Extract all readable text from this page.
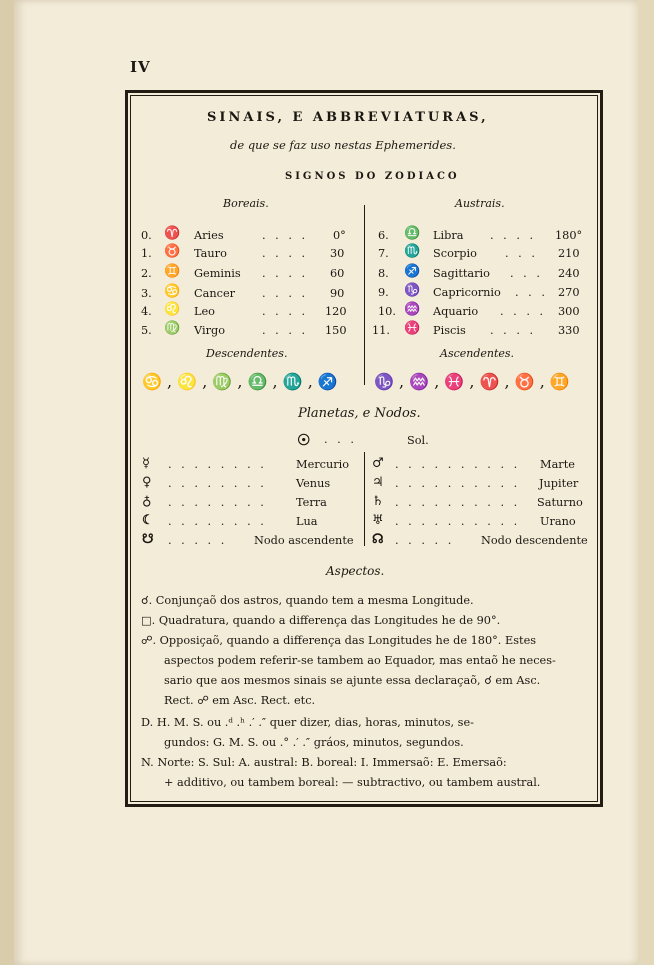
IV
SINAIS, E ABBREVIATURAS,
de que se faz uso nestas Ephemerides.
SIGNOS DO ZODIACO
Boreais.	Austrais.
0. ♈ Aries	. . . . 0°
1. ♉ Tauro	. . . . 30
2. ♊ Geminis . . . . 60
3. ♋ Cancer . . . . 90
4. ♌ Leo	. . . . 120
5. ♍ Virgo	. . . . 150
6. ♎ Libra . . . . 180°
7. ♏ Scorpio . . . 210
8. ♐ Sagittario . . . 240
9. ♑ Capricornio . . . 270
10. ♒ Aquario . . . . 300
11. ♓ Piscis . . . . 330
Descendentes.	Ascendentes.
♋ , ♌ , ♍ , ♎ , ♏ , ♐ ♑ , ♒ , ♓ , ♈ , ♉ , ♊
Planetas, e Nodos.
☉ . . .	Sol.
☿ . . . . . . . .	Mercurio
♀ . . . . . . . .	Venus
♁ . . . . . . . .	Terra
☾ . . . . . . . .	Lua
☋ . . . . . Nodo ascendente
♂ . . . . . . . . . . Marte
♃ . . . . . . . . . . Jupiter
♄ . . . . . . . . . . Saturno
♅ . . . . . . . . . . Urano
☊ . . . . . Nodo descendente
Aspectos.
☌. Conjunçaõ dos astros, quando tem a mesma Longitude.
□. Quadratura, quando a differença das Longitudes he de 90°.
☍. Opposiçaõ, quando a differença das Longitudes he de 180°. Estes
aspectos podem referir-se tambem ao Equador, mas entaõ he neces-
sario que aos mesmos sinais se ajunte essa declaraçaõ, ☌ em Asc.
Rect. ☍ em Asc. Rect. etc.
D. H. M. S. ou .ᵈ .ʰ .′ .″ quer dizer, dias, horas, minutos, se-
gundos: G. M. S. ou .° .′ .″ gráos, minutos, segundos.
N. Norte: S. Sul: A. austral: B. boreal: I. Immersaõ: E. Emersaõ:
+ additivo, ou tambem boreal: — subtractivo, ou tambem austral.
